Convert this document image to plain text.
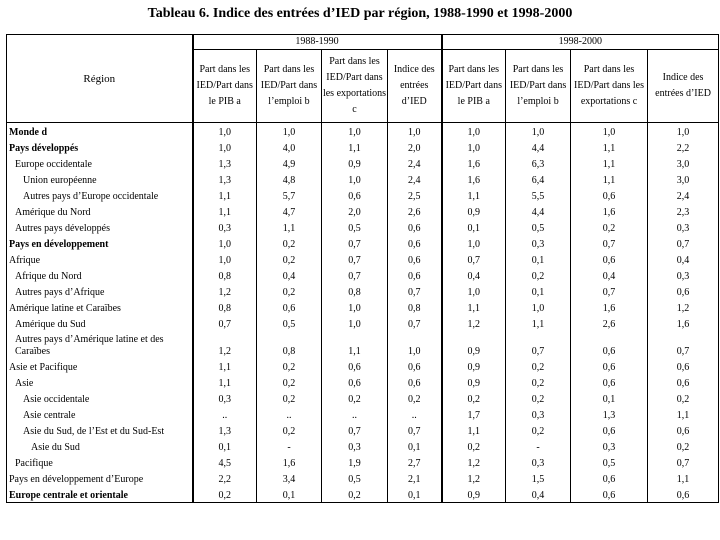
Tableau 6. Indice des entrées d’IED par région, 1988-1990 et 1998-2000
Région	1988-1990				1998-2000			
	Part dans les IED/Part dans le PIB a	Part dans les IED/Part dans l’emploi b	Part dans les IED/Part dans les exportations c	Indice des entrées d’IED	Part dans les IED/Part dans le PIB a	Part dans les IED/Part dans l’emploi b	Part dans les IED/Part dans les exportations c	Indice des entrées d’IED
Monde d	1,0	1,0	1,0	1,0	1,0	1,0	1,0	1,0
Pays développés	1,0	4,0	1,1	2,0	1,0	4,4	1,1	2,2
Europe occidentale	1,3	4,9	0,9	2,4	1,6	6,3	1,1	3,0
Union européenne	1,3	4,8	1,0	2,4	1,6	6,4	1,1	3,0
Autres pays d’Europe occidentale	1,1	5,7	0,6	2,5	1,1	5,5	0,6	2,4
Amérique du Nord	1,1	4,7	2,0	2,6	0,9	4,4	1,6	2,3
Autres pays développés	0,3	1,1	0,5	0,6	0,1	0,5	0,2	0,3
Pays en développement	1,0	0,2	0,7	0,6	1,0	0,3	0,7	0,7
Afrique	1,0	0,2	0,7	0,6	0,7	0,1	0,6	0,4
Afrique du Nord	0,8	0,4	0,7	0,6	0,4	0,2	0,4	0,3
Autres pays d’Afrique	1,2	0,2	0,8	0,7	1,0	0,1	0,7	0,6
Amérique latine et Caraïbes	0,8	0,6	1,0	0,8	1,1	1,0	1,6	1,2
Amérique du Sud	0,7	0,5	1,0	0,7	1,2	1,1	2,6	1,6
Autres pays d’Amérique latine et des Caraïbes	1,2	0,8	1,1	1,0	0,9	0,7	0,6	0,7
Asie et Pacifique	1,1	0,2	0,6	0,6	0,9	0,2	0,6	0,6
Asie	1,1	0,2	0,6	0,6	0,9	0,2	0,6	0,6
Asie occidentale	0,3	0,2	0,2	0,2	0,2	0,2	0,1	0,2
Asie centrale	..	..	..	..	1,7	0,3	1,3	1,1
Asie du Sud, de l’Est et du Sud-Est	1,3	0,2	0,7	0,7	1,1	0,2	0,6	0,6
Asie du Sud	0,1	-	0,3	0,1	0,2	-	0,3	0,2
Pacifique	4,5	1,6	1,9	2,7	1,2	0,3	0,5	0,7
Pays en développement d’Europe	2,2	3,4	0,5	2,1	1,2	1,5	0,6	1,1
Europe centrale et orientale	0,2	0,1	0,2	0,1	0,9	0,4	0,6	0,6
